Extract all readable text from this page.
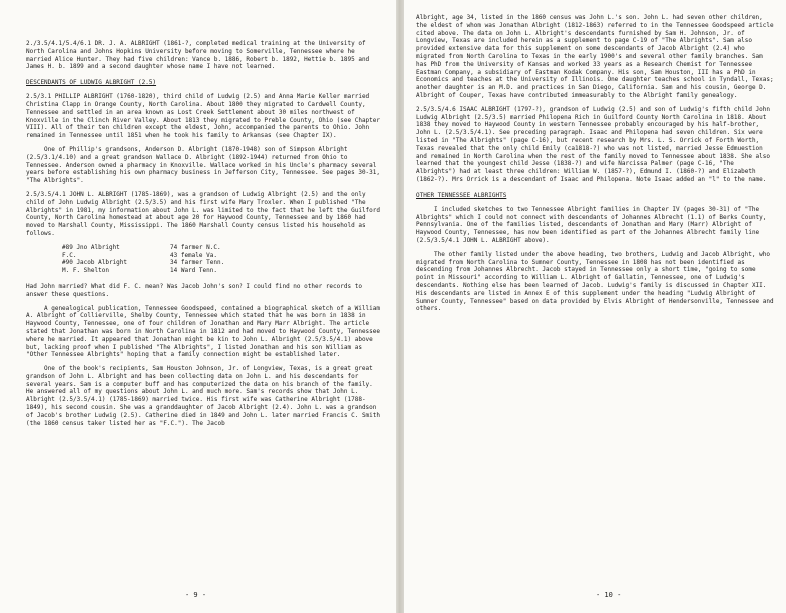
2./3.5/4.1/5.4/6.1 DR. J. A. ALBRIGHT (1861-?, completed medical training at the University of North Carolina and Johns Hopkins University before moving to Somerville, Tennessee where he married Alice Hunter. They had five children: Vance b. 1886, Robert b. 1892, Hettie b. 1895 and James H. b. 1899 and a second daughter whose name I have not learned.

DESCENDANTS OF LUDWIG ALBRIGHT (2.5)

2.5/3.1 PHILLIP ALBRIGHT (1760-1820), third child of Ludwig (2.5) and Anna Marie Keller married Christina Clapp in Orange County, North Carolina. About 1800 they migrated to Cardwell County, Tennessee and settled in an area known as Lost Creek Settlement about 30 miles northwest of Knoxville in the Clinch River Valley. About 1813 they migrated to Preble County, Ohio (see Chapter VIII). All of their ten children except the eldest, John, accompanied the parents to Ohio. John remained in Tennessee until 1851 when he took his family to Arkansas (see Chapter IX).

One of Phillip's grandsons, Anderson D. Albright (1870-1948) son of Simpson Albright (2.5/3.1/4.10) and a great grandson Wallace D. Albright (1892-1944) returned from Ohio to Tennessee. Anderson owned a pharmacy in Knoxville. Wallace worked in his Uncle's pharmacy several years before establishing his own pharmacy business in Jefferson City, Tennessee. See pages 30-31, "The Albrights".

2.5/3.5/4.1 JOHN L. ALBRIGHT (1785-1869), was a grandson of Ludwig Albright (2.5) and the only child of John Ludwig Albright (2.5/3.5) and his first wife Mary Troxler. When I published "The Albrights" in 1981, my information about John L. was limited to the fact that he left the Guilford County, North Carolina homestead at about age 20 for Haywood County, Tennessee and by 1860 had moved to Marshall County, Mississippi. The 1860 Marshall County census listed his household as follows.

#89 Jno Albright	74 farmer N.C.
F.C.	43 female Va.
#90 Jacob Albright	34 farmer Tenn.
M. F. Shelton	14 Ward Tenn.

Had John married? What did F. C. mean? Was Jacob John's son? I could find no other records to answer these questions.

A genealogical publication, Tennessee Goodspeed, contained a biographical sketch of a William A. Albright of Collierville, Shelby County, Tennessee which stated that he was born in 1838 in Haywood County, Tennessee, one of four children of Jonathan and Mary Marr Albright. The article stated that Jonathan was born in North Carolina in 1812 and had moved to Haywood County, Tennessee where he married. It appeared that Jonathan might be kin to John L. Albright (2.5/3.5/4.1) above but, lacking proof when I published "The Albrights", I listed Jonathan and his son William as "Other Tennessee Albrights" hoping that a family connection might be established later.

One of the book's recipients, Sam Houston Johnson, Jr. of Longview, Texas, is a great great grandson of John L. Albright and has been collecting data on John L. and his descendants for several years. Sam is a computer buff and has computerized the data on his branch of the family. He answered all of my questions about John L. and much more. Sam's records show that John L. Albright (2.5/3.5/4.1) (1785-1869) married twice. His first wife was Catherine Albright (1788-1849), his second cousin. She was a granddaughter of Jacob Albright (2.4). John L. was a grandson of Jacob's brother Ludwig (2.5). Catherine died in 1849 and John L. later married Francis C. Smith (the 1860 census taker listed her as "F.C."). The Jacob

- 9 -

Albright, age 34, listed in the 1860 census was John L.'s son. John L. had seven other children, the eldest of whom was Jonathan Albright (1812-1863) referred to in the Tennessee Goodspeed article cited above. The data on John L. Albright's descendants furnished by Sam H. Johnson, Jr. of Longview, Texas are included herein as a supplement to page C-19 of "The Albrights". Sam also provided extensive data for this supplement on some descendants of Jacob Albright (2.4) who migrated from North Carolina to Texas in the early 1900's and several other family branches. Sam has PhD from the University of Kansas and worked 33 years as a Research Chemist for Tennessee Eastman Company, a subsidiary of Eastman Kodak Company. His son, Sam Houston, III has a PhD in Economics and teaches at the University of Illinois. One daughter teaches school in Tyndall, Texas; another daughter is an M.D. and practices in San Diego, California. Sam and his cousin, George D. Albright of Couper, Texas have contributed immeasurably to the Albright family genealogy.

2.5/3.5/4.6 ISAAC ALBRIGHT (1797-?), grandson of Ludwig (2.5) and son of Ludwig's fifth child John Ludwig Albright (2.5/3.5) married Philopena Rich in Guilford County North Carolina in 1818. About 1838 they moved to Haywood County in western Tennessee probably encouraged by his half-brother, John L. (2.5/3.5/4.1). See preceding paragraph. Isaac and Philopena had seven children. Six were listed in "The Albrights" (page C-16), but recent research by Mrs. L. S. Orrick of Forth Worth, Texas revealed that the only child Emily (ca1818-?) who was not listed, married Jesse Edmuestion and remained in North Carolina when the rest of the family moved to Tennessee about 1838. She also learned that the youngest child Jesse (1838-?) and wife Narcissa Palmer (page C-16, "The Albrights") had at least three children: William W. (1857-?), Edmund I. (1860-?) and Elizabeth (1862-?). Mrs Orrick is a descendant of Isaac and Philopena. Note Isaac added an "l" to the name.

OTHER TENNESSEE ALBRIGHTS

I included sketches to two Tennessee Albright families in Chapter IV (pages 30-31) of "The Albrights" which I could not connect with descendants of Johannes Albrecht (1.1) of Berks County, Pennsylvania. One of the families listed, descendants of Jonathan and Mary (Marr) Albright of Haywood County, Tennessee, has now been identified as part of the Johannes Albrecht family line (2.5/3.5/4.1 JOHN L. ALBRIGHT above).

The other family listed under the above heading, two brothers, Ludwig and Jacob Albright, who migrated from North Carolina to Sumner County, Tennessee in 1808 has not been identified as descending from Johannes Albrecht. Jacob stayed in Tennessee only a short time, "going to some point in Missouri" according to William L. Albright of Gallatin, Tennessee, one of Ludwig's descendants. Nothing else has been learned of Jacob. Ludwig's family is discussed in Chapter XII. His descendants are listed in Annex E of this supplement under the heading "Ludwig Albright of Sumner County, Tennessee" based on data provided by Elvis Albright of Hendersonville, Tennessee and others.

- 10 -
